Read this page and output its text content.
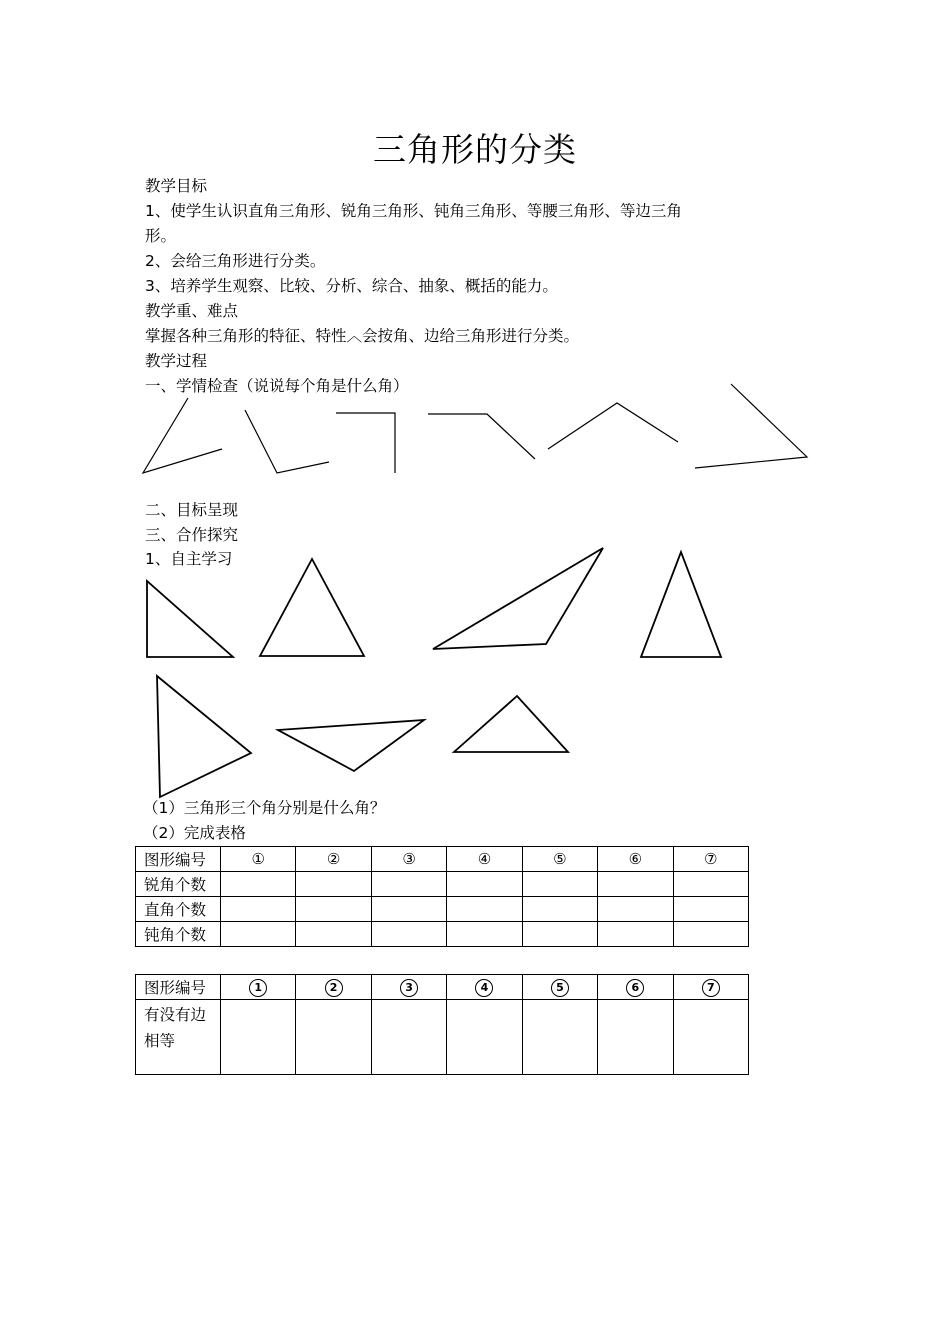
三角形的分类
教学目标
1、使学生认识直角三角形、锐角三角形、钝角三角形、等腰三角形、等边三角
形。
2、会给三角形进行分类。
3、培养学生观察、比较、分析、综合、抽象、概括的能力。
教学重、难点
掌握各种三角形的特征、特性︿会按角、边给三角形进行分类。
教学过程
一、学情检查（说说每个角是什么角）
二、目标呈现
三、合作探究
1、自主学习
（1）三角形三个角分别是什么角？
（2）完成表格
图形编号	①	②	③	④	⑤	⑥	⑦
锐角个数							
直角个数							
钝角个数							
图形编号	1	2	3	4	5	6	7
有没有边相等							
